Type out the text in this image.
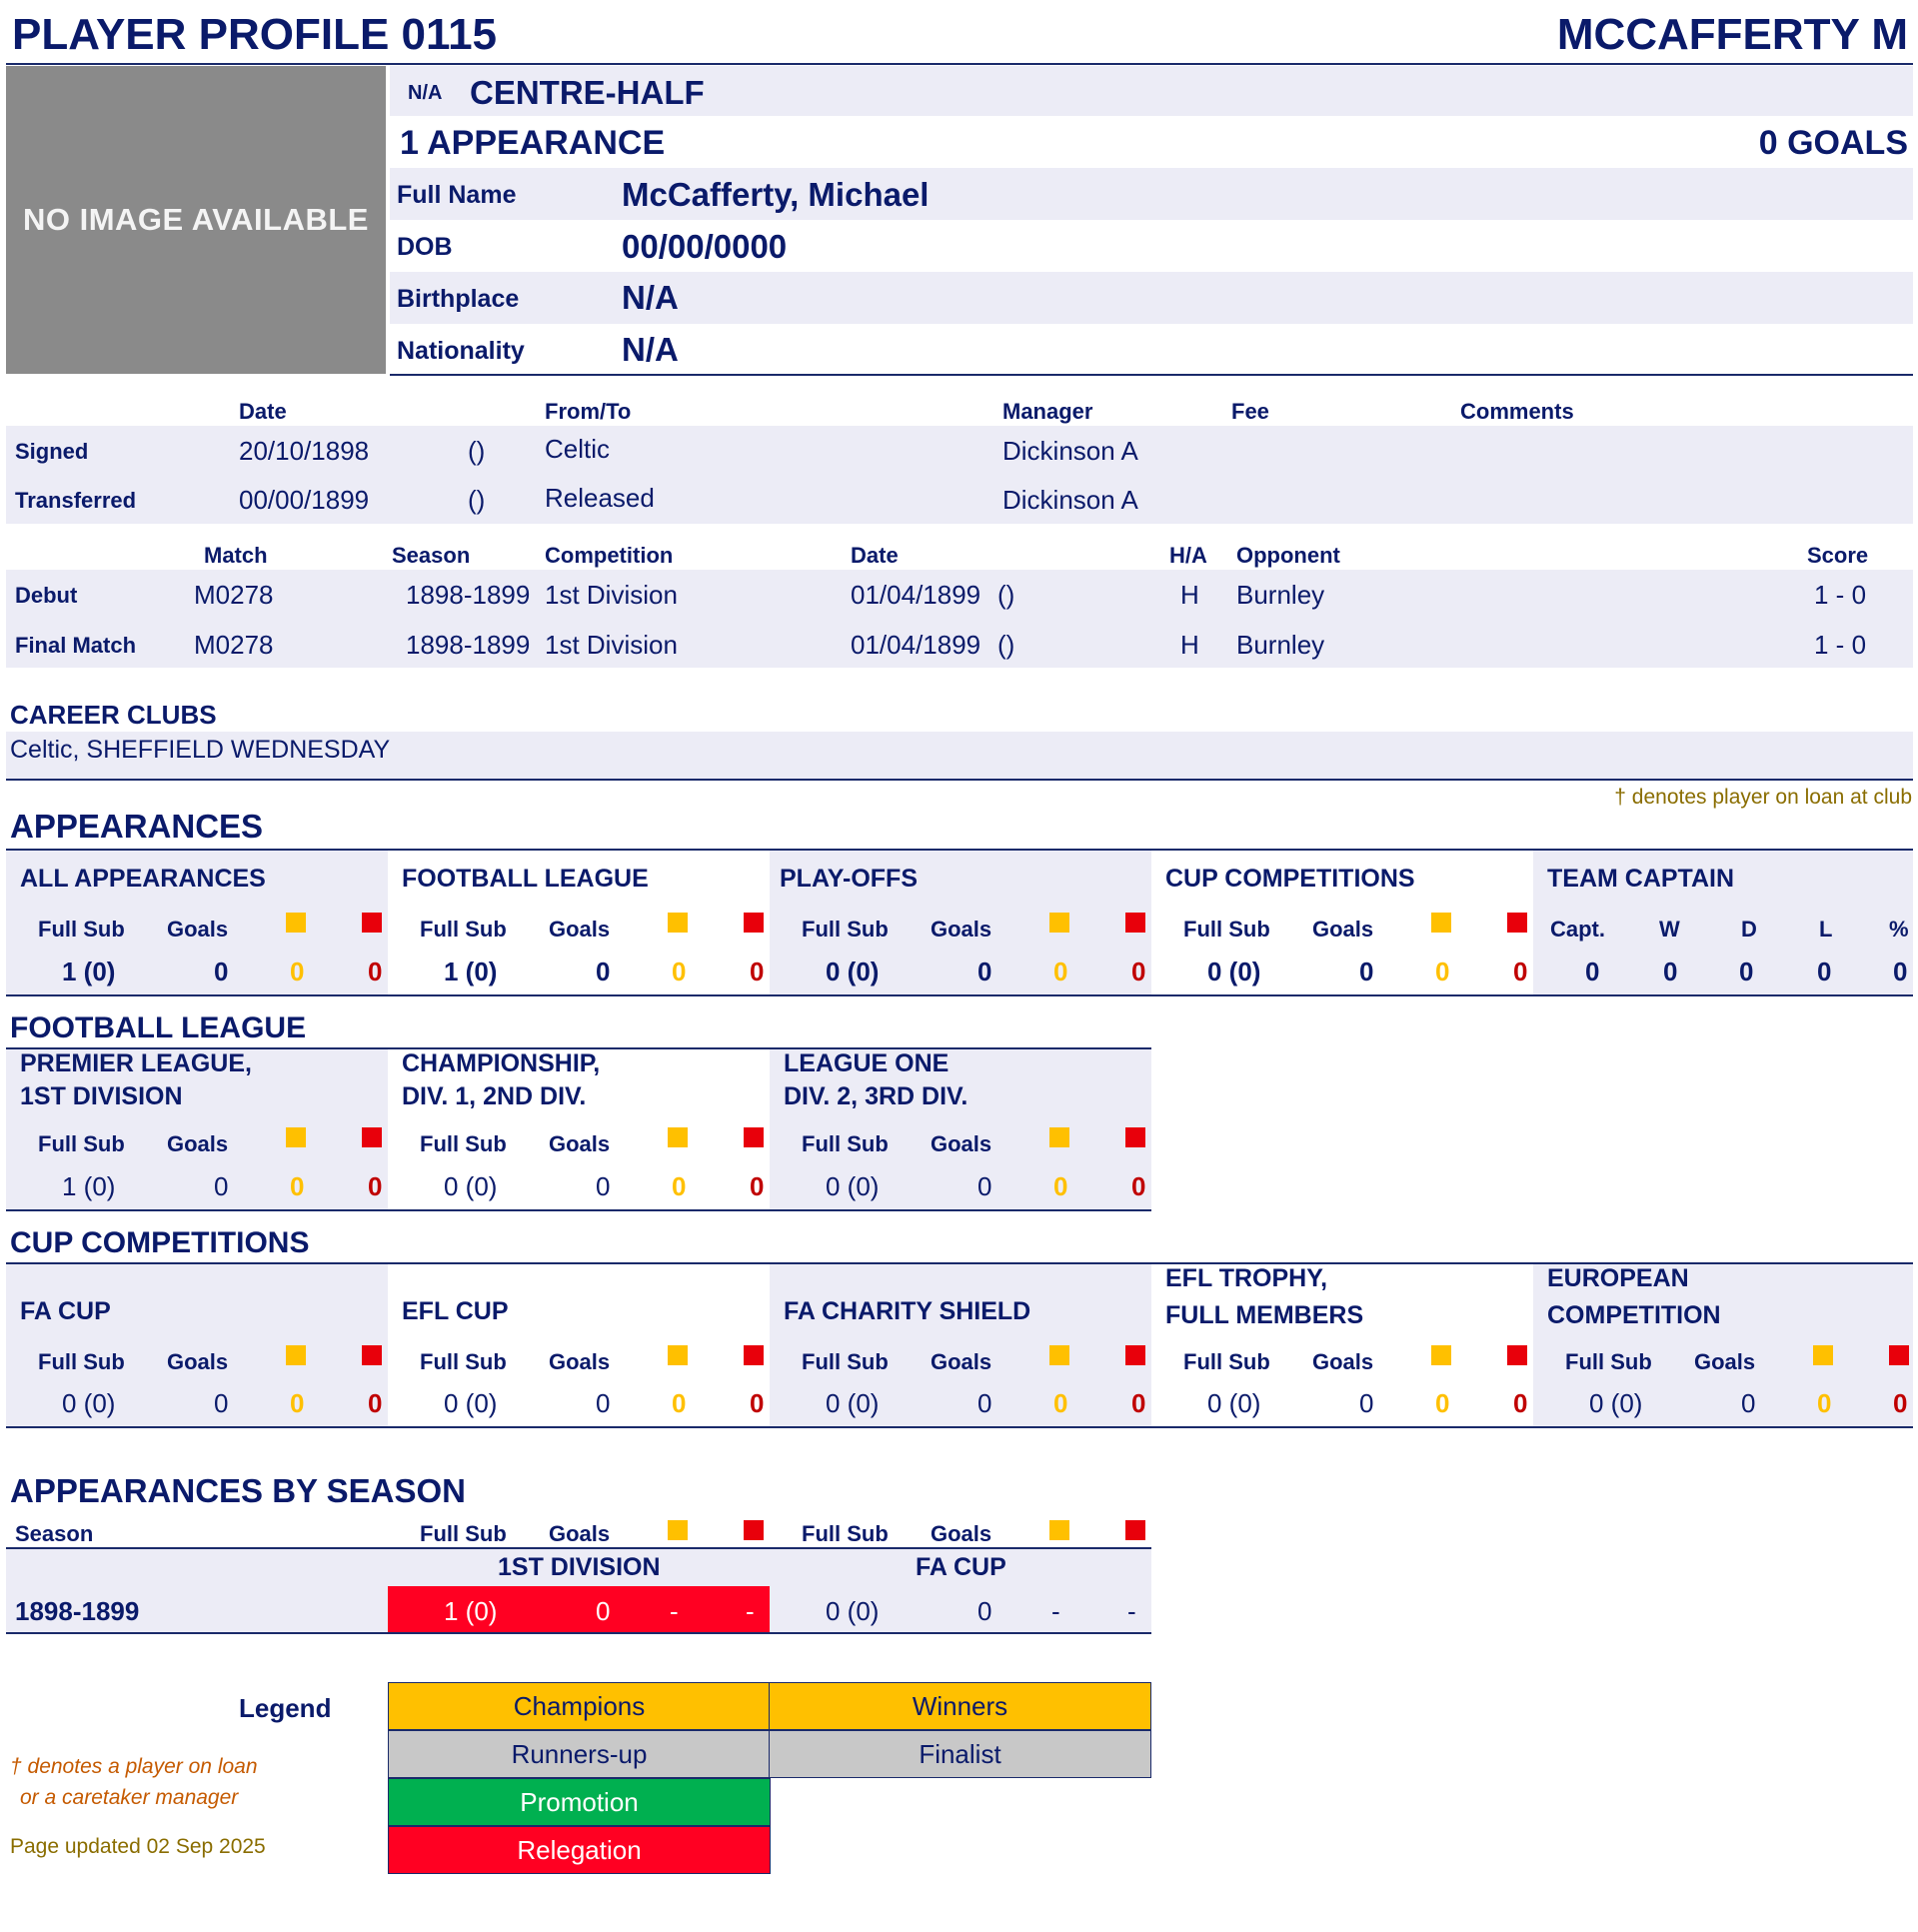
PLAYER PROFILE 0115	MCCAFFERTY M
NO IMAGE AVAILABLE
N/A CENTRE-HALF
1 APPEARANCE	0 GOALS
Full Name	McCafferty, Michael
DOB	00/00/0000
Birthplace	N/A
Nationality	N/A
Date	From/To	Manager	Fee	Comments
Signed	20/10/1898	() Celtic	Dickinson A
Transferred	00/00/1899	() Released	Dickinson A
Match	Season	Competition	Date	H/A Opponent	Score
Debut	M0278	1898-1899 1st Division	01/04/1899 ()	H Burnley	1 - 0
Final Match M0278	1898-1899 1st Division	01/04/1899 ()	H Burnley	1 - 0
CAREER CLUBS
Celtic, SHEFFIELD WEDNESDAY
† denotes player on loan at club
APPEARANCES
ALL APPEARANCES
Full Sub Goals
1 (0)	0 0 0
FOOTBALL LEAGUE
Full Sub Goals
1 (0)	0 0 0
PLAY-OFFS
Full Sub Goals
0 (0)	0 0 0
CUP COMPETITIONS
Full Sub Goals
0 (0)	0 0 0
TEAM CAPTAIN
Capt. W	D	L	%
0 0 0 0 0
FOOTBALL LEAGUE
PREMIER LEAGUE,
1ST DIVISION
Full Sub Goals
1 (0)	0 0 0
CHAMPIONSHIP,
DIV. 1, 2ND DIV.
Full Sub Goals
0 (0)	0 0 0
LEAGUE ONE
DIV. 2, 3RD DIV.
Full Sub Goals
0 (0)	0 0 0
CUP COMPETITIONS
FA CUP
Full Sub Goals
0 (0)	0 0 0
EFL CUP
Full Sub Goals
0 (0)	0 0 0
FA CHARITY SHIELD
Full Sub Goals
0 (0)	0 0 0
EFL TROPHY,
FULL MEMBERS
Full Sub Goals
0 (0)	0 0 0
EUROPEAN
COMPETITION
Full Sub Goals
0 (0)	0 0 0
APPEARANCES BY SEASON
Season	Full Sub Goals	Full Sub Goals
1ST DIVISION	FA CUP
1898-1899	1 (0)	0 -	-	0 (0)	0 -	-
Legend	Champions	Winners
Runners-up	Finalist
Promotion
Relegation
† denotes a player on loan
or a caretaker manager
Page updated 02 Sep 2025
